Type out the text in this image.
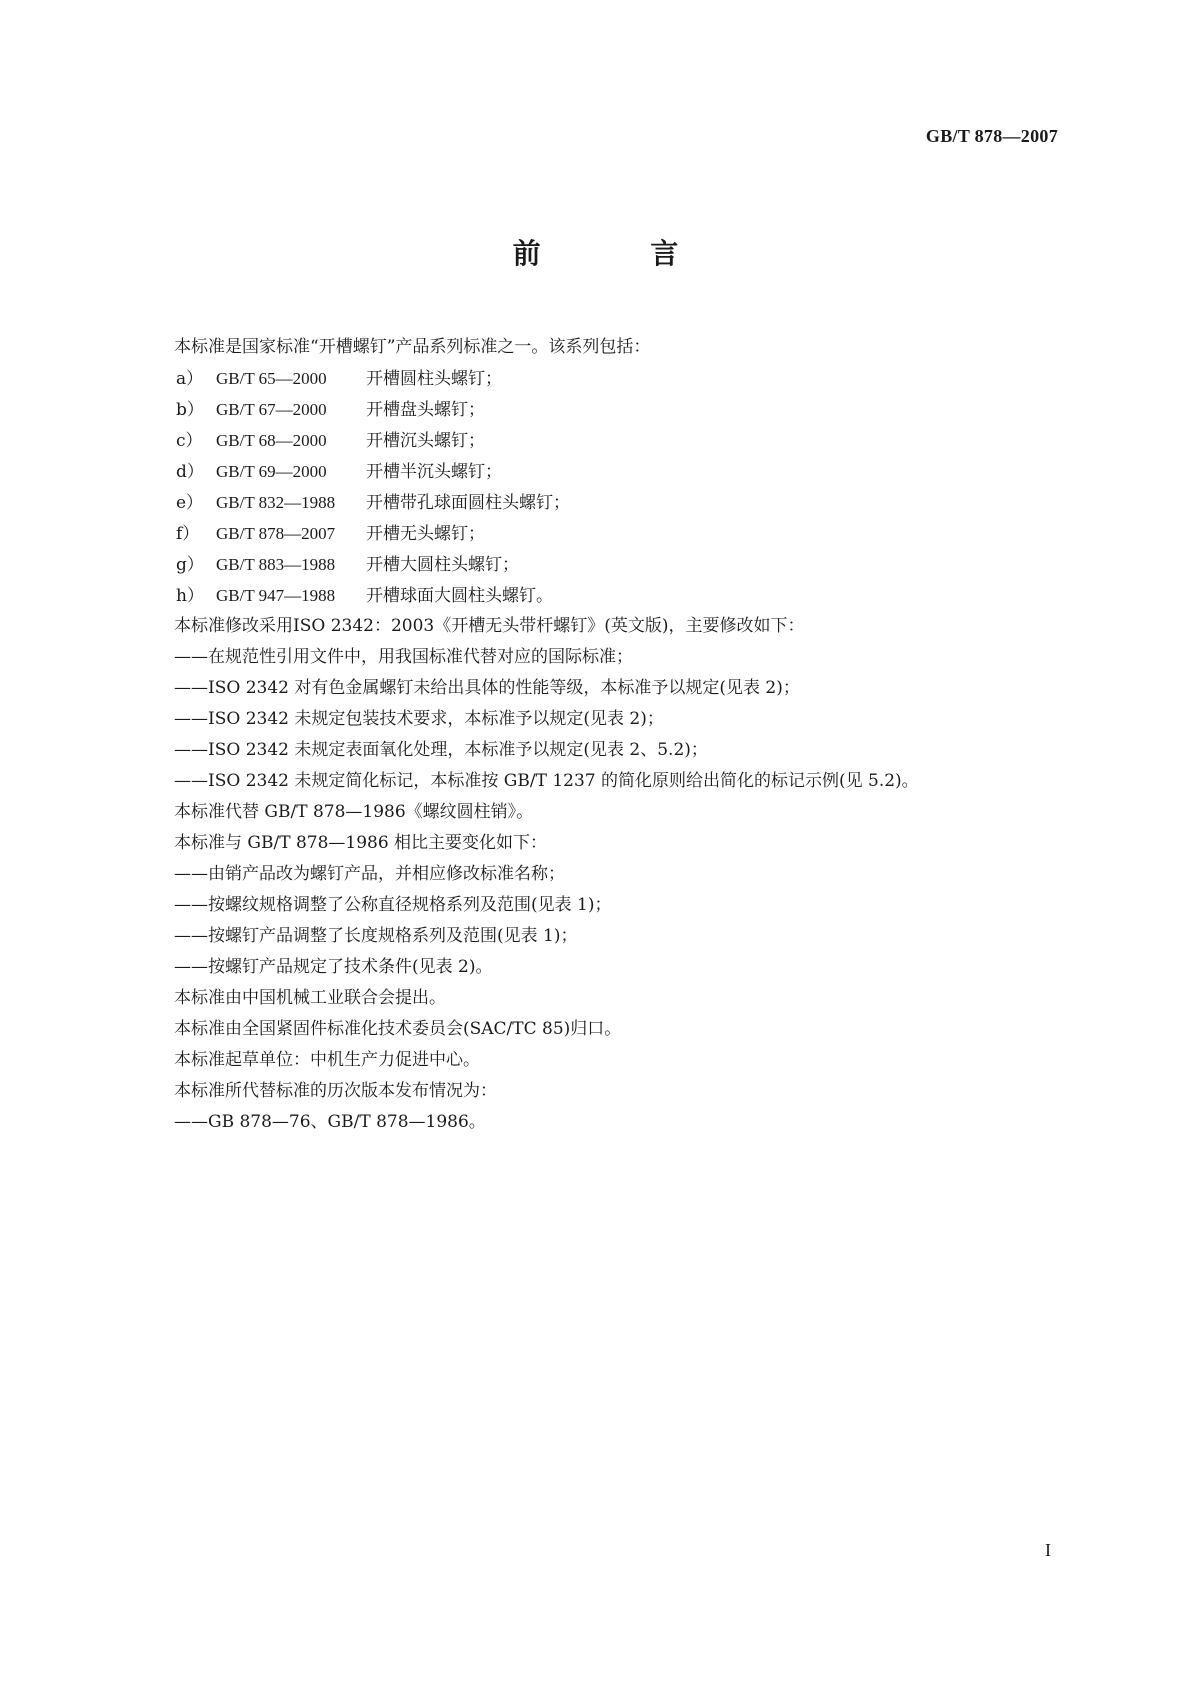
GB/T 878—2007
前 言
本标准是国家标准“开槽螺钉”产品系列标准之一。该系列包括：
a） GB/T 65—2000 开槽圆柱头螺钉；
b） GB/T 67—2000 开槽盘头螺钉；
c） GB/T 68—2000 开槽沉头螺钉；
d） GB/T 69—2000 开槽半沉头螺钉；
e） GB/T 832—1988 开槽带孔球面圆柱头螺钉；
f） GB/T 878—2007 开槽无头螺钉；
g） GB/T 883—1988 开槽大圆柱头螺钉；
h） GB/T 947—1988 开槽球面大圆柱头螺钉。
本标准修改采用ISO 2342：2003《开槽无头带杆螺钉》(英文版)，主要修改如下：
——在规范性引用文件中，用我国标准代替对应的国际标准；
——ISO 2342 对有色金属螺钉未给出具体的性能等级，本标准予以规定(见表 2)；
——ISO 2342 未规定包装技术要求，本标准予以规定(见表 2)；
——ISO 2342 未规定表面氧化处理，本标准予以规定(见表 2、5.2)；
——ISO 2342 未规定简化标记，本标准按 GB/T 1237 的简化原则给出简化的标记示例(见 5.2)。
本标准代替 GB/T 878—1986《螺纹圆柱销》。
本标准与 GB/T 878—1986 相比主要变化如下：
——由销产品改为螺钉产品，并相应修改标准名称；
——按螺纹规格调整了公称直径规格系列及范围(见表 1)；
——按螺钉产品调整了长度规格系列及范围(见表 1)；
——按螺钉产品规定了技术条件(见表 2)。
本标准由中国机械工业联合会提出。
本标准由全国紧固件标准化技术委员会(SAC/TC 85)归口。
本标准起草单位：中机生产力促进中心。
本标准所代替标准的历次版本发布情况为：
——GB 878—76、GB/T 878—1986。
I
